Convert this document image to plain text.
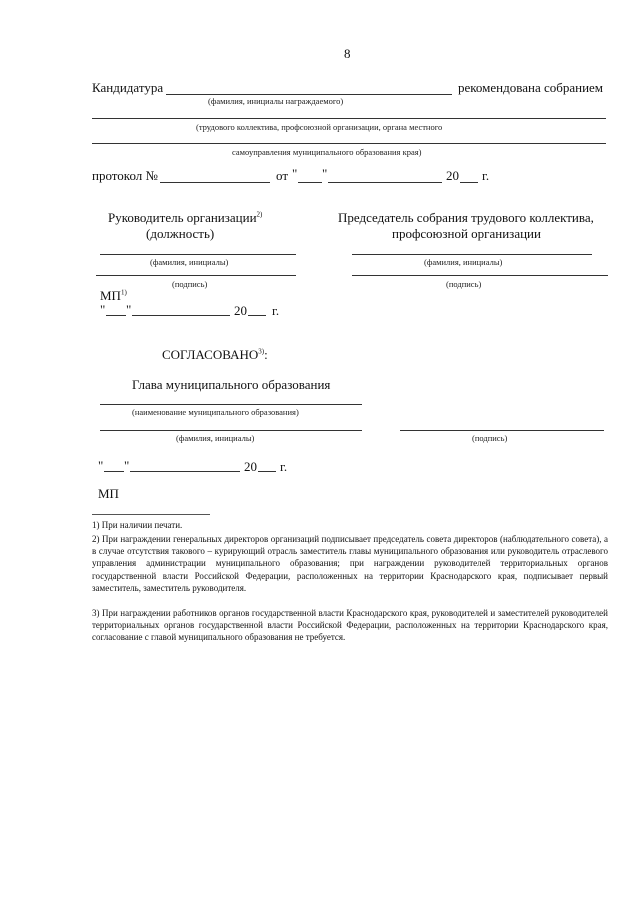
8
Кандидатура	рекомендована собранием
(фамилия, инициалы награждаемого)
(трудового коллектива, профсоюзной организации, органа местного
самоуправления муниципального образования края)
протокол №	от " "	20 г.
Руководитель организации$^{2)}$
(должность)
(фамилия, инициалы)
(подпись)
МП$^{1)}$
" "	20 г.
Председатель собрания трудового коллектива,
профсоюзной организации
(фамилия, инициалы)
(подпись)
СОГЛАСОВАНО$^{3)}$:
Глава муниципального образования
(наименование муниципального образования)
(фамилия, инициалы)	(подпись)
" "	20 г.
МП
1) При наличии печати.
2) При награждении генеральных директоров организаций подписывает председатель совета директоров (наблюдательного совета), а в случае отсутствия такового – курирующий отрасль заместитель главы муниципального образования или руководитель отраслевого управления администрации муниципального образования; при награждении руководителей территориальных органов государственной власти Российской Федерации, расположенных на территории Краснодарского края, подписывает первый заместитель, заместитель руководителя.
3) При награждении работников органов государственной власти Краснодарского края, руководителей и заместителей руководителей территориальных органов государственной власти Российской Федерации, расположенных на территории Краснодарского края, согласование с главой муниципального образования не требуется.
